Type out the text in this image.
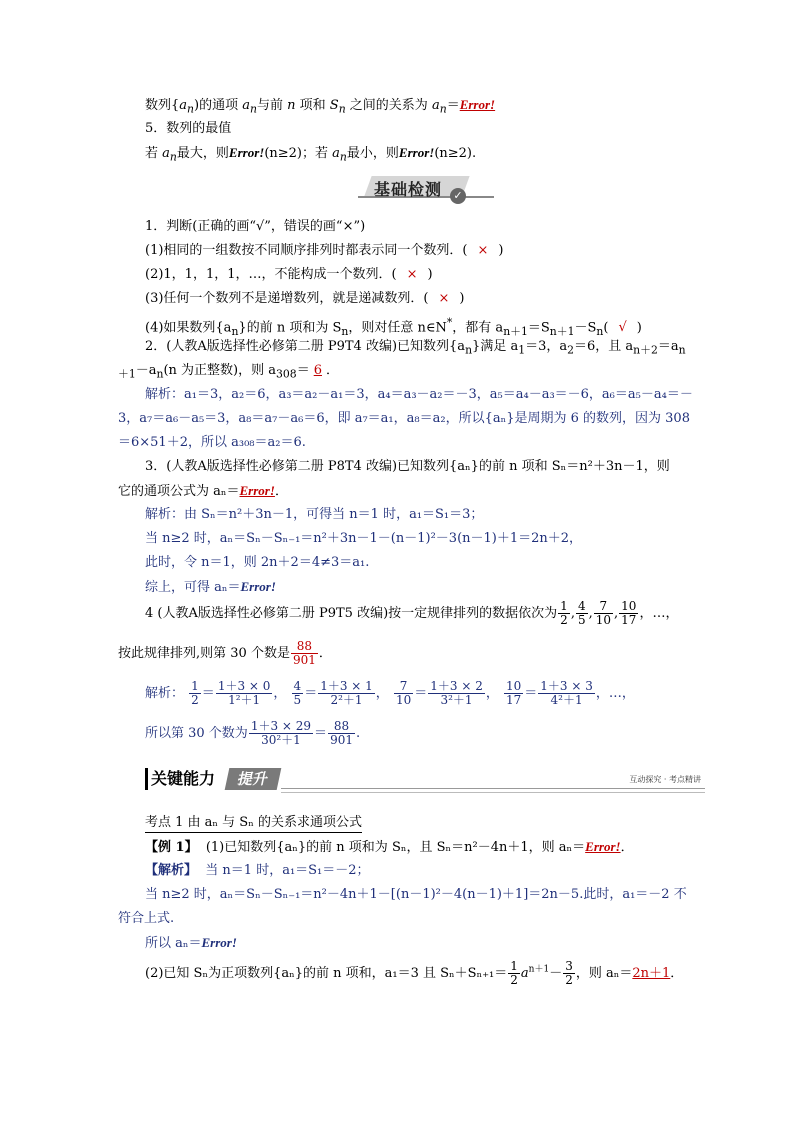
数列$\{a_n)$的通项 $a_n$与前 n 项和 $S_n$ 之间的关系为 $a_n=Error$!
5．数列的最值
若 $a_n$最大，则Error!(n≥2)；若 $a_n$最小，则Error!(n≥2).
基础检测	✓
1．判断(正确的画“√”，错误的画“×”)
(1)相同的一组数按不同顺序排列时都表示同一个数列．( × )
(2)1，1，1，1，…，不能构成一个数列．( × )
(3)任何一个数列不是递增数列，就是递减数列．( × )
(4)如果数列$\{a_n\}$的前 n 项和为 $S_n$，则对任意 n∈N*，都有 $a_{n+1}=S_{n+1}-S_n$( √ )
2．(人教A版选择性必修第二册 P9T4 改编)已知数列$\{a_n\}$满足 $a_1=3$，$a_2=6$，且 $a_{n+2}=a_n$
$_{+1}-a_n(n$ 为正整数)，则 $a_{308}= 6$ ．
解析：a₁＝3，a₂＝6，a₃＝a₂－a₁＝3，a₄＝a₃－a₂＝－3，a₅＝a₄－a₃＝－6，a₆＝a₅－a₄＝－
3，a₇＝a₆－a₅＝3，a₈＝a₇－a₆＝6，即 a₇＝a₁，a₈＝a₂，所以{aₙ}是周期为 6 的数列，因为 308
＝6×51＋2，所以 a₃₀₈＝a₂＝6.
3．(人教A版选择性必修第二册 P8T4 改编)已知数列{aₙ}的前 n 项和 Sₙ＝n²＋3n－1，则
它的通项公式为 aₙ＝Error!．
解析：由 Sₙ＝n²＋3n－1，可得当 n＝1 时，a₁＝S₁＝3；
当 n≥2 时，aₙ＝Sₙ－Sₙ₋₁＝n²＋3n－1－(n－1)²－3(n－1)＋1＝2n＋2，
此时，令 n＝1，则 2n＋2＝4≠3＝a₁.
综上，可得 aₙ＝Error!
4 (人教A版选择性必修第二册 P9T5 改编)按一定规律排列的数据依次为 $\frac{1}{2}$ , $\frac{4}{5}$ , $\frac{7}{10}$ , $\frac{10}{17}$ ，…，
按此规律排列,则第 30 个数是 $\frac{88}{901}$ ．
解析： $\frac{1}{2} = \frac{1+3 \times 0}{\text{1²＋1}}$ ， $\frac{4}{5} = \frac{1+3 \times 1}{\text{2²＋1}}$ ， $\frac{7}{10} = \frac{1+3 \times 2}{\text{3²＋1}}$ ， $\frac{10}{17} = \frac{1+3 \times 3}{\text{4²＋1}}$ ，…，
所以第 30 个数为 $\frac{1+3 \times 29}{\text{30²＋1}} = \frac{88}{901}$ .
关键能力	提升	互动探究 · 考点精讲
考点 1 由 aₙ 与 Sₙ 的关系求通项公式
【例 1】 (1)已知数列{aₙ}的前 n 项和为 Sₙ，且 Sₙ＝n²－4n＋1，则 aₙ＝Error!．
【解析】 当 n＝1 时，a₁＝S₁＝－2；
当 n≥2 时，aₙ＝Sₙ－Sₙ₋₁＝n²－4n＋1－[(n－1)²－4(n－1)＋1]＝2n－5.此时，a₁＝－2 不
符合上式.
所以 aₙ＝Error!
(2)已知 Sₙ为正项数列{aₙ}的前 n 项和，a₁＝3 且 $S_n+S_{n+1}= \frac{1}{2} a^{n+1}- \frac{3}{2}$ ，则 aₙ＝2n＋1．
